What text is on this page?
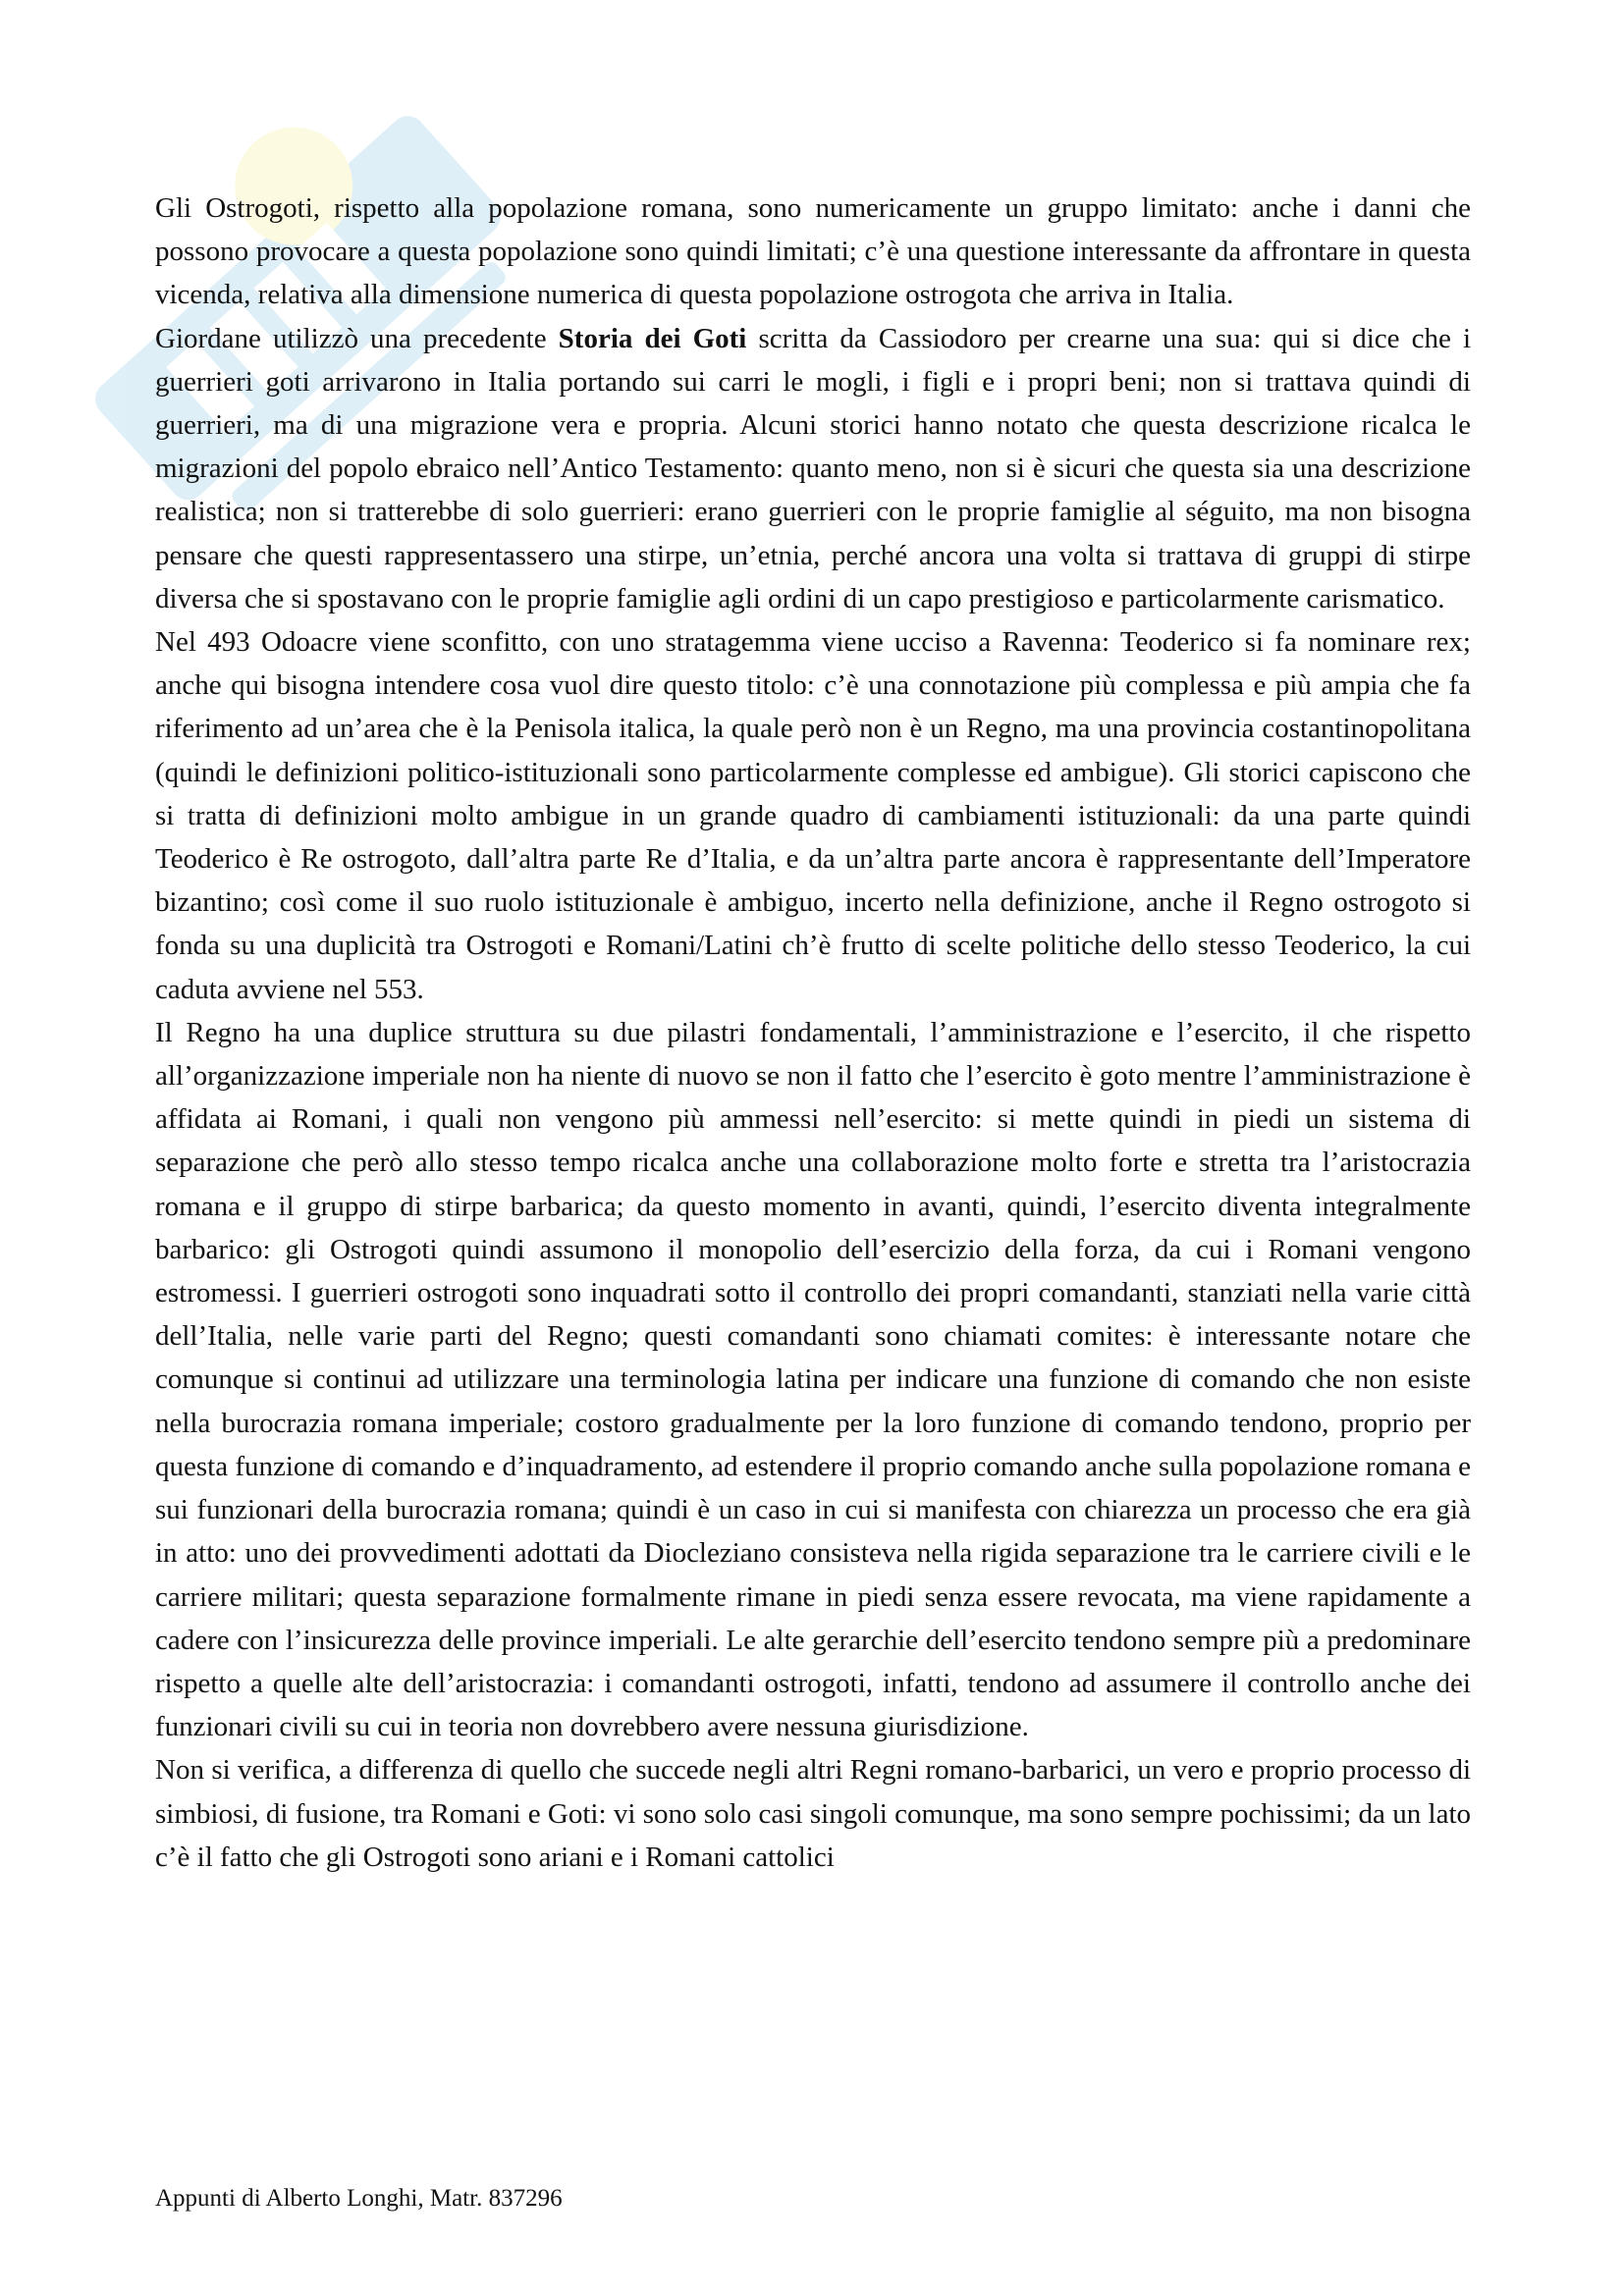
Gli Ostrogoti, rispetto alla popolazione romana, sono numericamente un gruppo limitato: anche i danni che possono provocare a questa popolazione sono quindi limitati; c’è una questione interessante da affrontare in questa vicenda, relativa alla dimensione numerica di questa popolazione ostrogota che arriva in Italia.

Giordane utilizzò una precedente Storia dei Goti scritta da Cassiodoro per crearne una sua: qui si dice che i guerrieri goti arrivarono in Italia portando sui carri le mogli, i figli e i propri beni; non si trattava quindi di guerrieri, ma di una migrazione vera e propria. Alcuni storici hanno notato che questa descrizione ricalca le migrazioni del popolo ebraico nell’Antico Testamento: quanto meno, non si è sicuri che questa sia una descrizione realistica; non si tratterebbe di solo guerrieri: erano guerrieri con le proprie famiglie al séguito, ma non bisogna pensare che questi rappresentassero una stirpe, un’etnia, perché ancora una volta si trattava di gruppi di stirpe diversa che si spostavano con le proprie famiglie agli ordini di un capo prestigioso e particolarmente carismatico.

Nel 493 Odoacre viene sconfitto, con uno stratagemma viene ucciso a Ravenna: Teoderico si fa nominare rex; anche qui bisogna intendere cosa vuol dire questo titolo: c’è una connotazione più complessa e più ampia che fa riferimento ad un’area che è la Penisola italica, la quale però non è un Regno, ma una provincia costantinopolitana (quindi le definizioni politico-istituzionali sono particolarmente complesse ed ambigue). Gli storici capiscono che si tratta di definizioni molto ambigue in un grande quadro di cambiamenti istituzionali: da una parte quindi Teoderico è Re ostrogoto, dall’altra parte Re d’Italia, e da un’altra parte ancora è rappresentante dell’Imperatore bizantino; così come il suo ruolo istituzionale è ambiguo, incerto nella definizione, anche il Regno ostrogoto si fonda su una duplicità tra Ostrogoti e Romani/Latini ch’è frutto di scelte politiche dello stesso Teoderico, la cui caduta avviene nel 553.

Il Regno ha una duplice struttura su due pilastri fondamentali, l’amministrazione e l’esercito, il che rispetto all’organizzazione imperiale non ha niente di nuovo se non il fatto che l’esercito è goto mentre l’amministrazione è affidata ai Romani, i quali non vengono più ammessi nell’esercito: si mette quindi in piedi un sistema di separazione che però allo stesso tempo ricalca anche una collaborazione molto forte e stretta tra l’aristocrazia romana e il gruppo di stirpe barbarica; da questo momento in avanti, quindi, l’esercito diventa integralmente barbarico: gli Ostrogoti quindi assumono il monopolio dell’esercizio della forza, da cui i Romani vengono estromessi. I guerrieri ostrogoti sono inquadrati sotto il controllo dei propri comandanti, stanziati nella varie città dell’Italia, nelle varie parti del Regno; questi comandanti sono chiamati comites: è interessante notare che comunque si continui ad utilizzare una terminologia latina per indicare una funzione di comando che non esiste nella burocrazia romana imperiale; costoro gradualmente per la loro funzione di comando tendono, proprio per questa funzione di comando e d’inquadramento, ad estendere il proprio comando anche sulla popolazione romana e sui funzionari della burocrazia romana; quindi è un caso in cui si manifesta con chiarezza un processo che era già in atto: uno dei provvedimenti adottati da Diocleziano consisteva nella rigida separazione tra le carriere civili e le carriere militari; questa separazione formalmente rimane in piedi senza essere revocata, ma viene rapidamente a cadere con l’insicurezza delle province imperiali. Le alte gerarchie dell’esercito tendono sempre più a predominare rispetto a quelle alte dell’aristocrazia: i comandanti ostrogoti, infatti, tendono ad assumere il controllo anche dei funzionari civili su cui in teoria non dovrebbero avere nessuna giurisdizione.

Non si verifica, a differenza di quello che succede negli altri Regni romano-barbarici, un vero e proprio processo di simbiosi, di fusione, tra Romani e Goti: vi sono solo casi singoli comunque, ma sono sempre pochissimi; da un lato c’è il fatto che gli Ostrogoti sono ariani e i Romani cattolici

Appunti di Alberto Longhi, Matr. 837296
